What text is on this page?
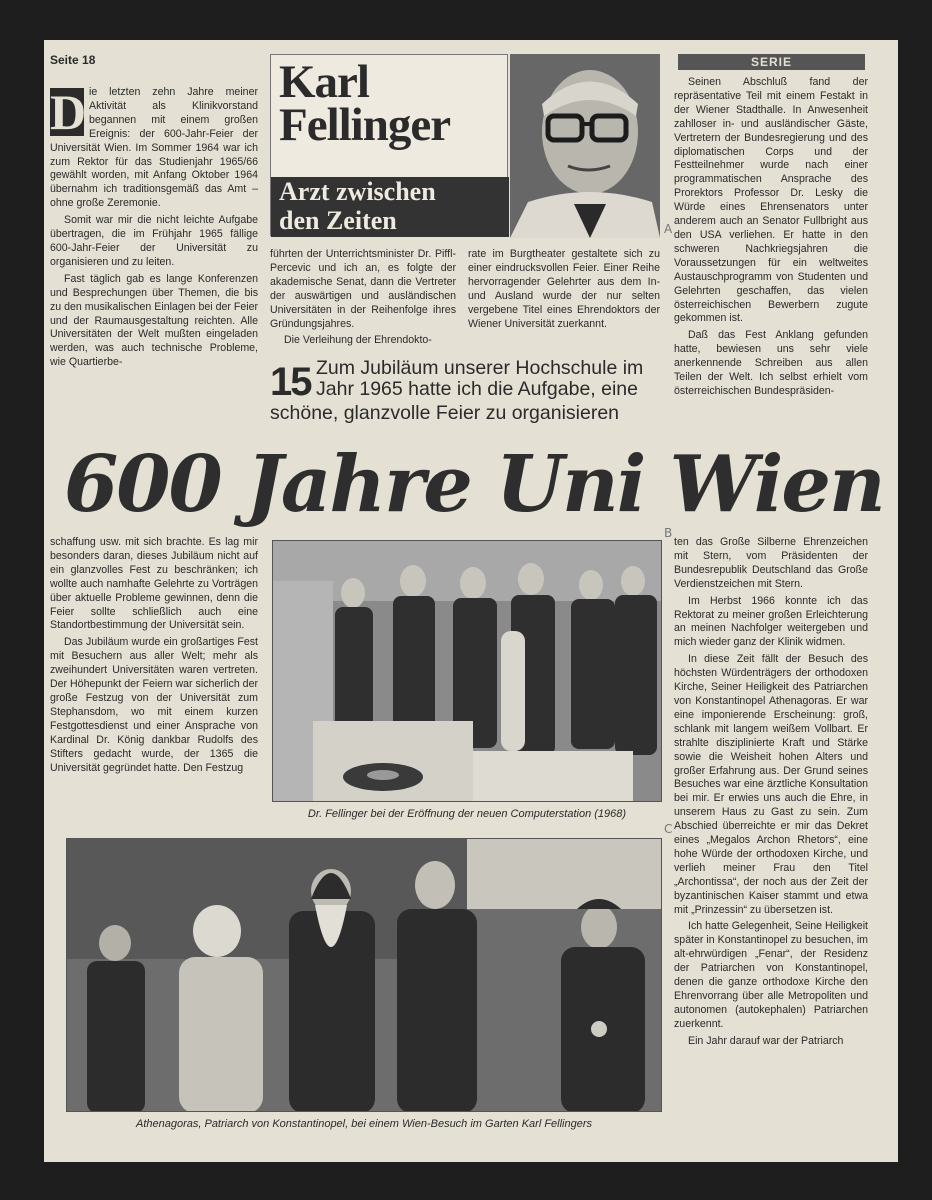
Seite 18	SERIE

D ie letzten zehn Jahre meiner Aktivität als Klinikvorstand begannen mit einem großen Ereignis: der 600-Jahr-Feier der Universität Wien. Im Sommer 1964 war ich zum Rektor für das Studienjahr 1965/66 gewählt worden, mit Anfang Oktober 1964 übernahm ich traditionsgemäß das Amt – ohne große Zeremonie.

Somit war mir die nicht leichte Aufgabe übertragen, die im Frühjahr 1965 fällige 600-Jahr-Feier der Universität zu organisieren und zu leiten.

Fast täglich gab es lange Konferenzen und Besprechungen über Themen, die bis zu den musikalischen Einlagen bei der Feier und der Raumausgestaltung reichten. Alle Universitäten der Welt mußten eingeladen werden, was auch technische Probleme, wie Quartierbe-

Karl
Fellinger
Arzt zwischen
den Zeiten	A

führten der Unterrichtsminister Dr. Piffl-Percevic und ich an, es folgte der akademische Senat, dann die Vertreter der auswärtigen und ausländischen Universitäten in der Reihenfolge ihres Gründungsjahres.

Die Verleihung der Ehrendokto-

rate im Burgtheater gestaltete sich zu einer eindrucksvollen Feier. Einer Reihe hervorragender Gelehrter aus dem In- und Ausland wurde der nur selten vergebene Titel eines Ehrendoktors der Wiener Universität zuerkannt.

Seinen Abschluß fand der repräsentative Teil mit einem Festakt in der Wiener Stadthalle. In Anwesenheit zahlloser in- und ausländischer Gäste, Vertretern der Bundesregierung und des diplomatischen Corps und der Festteilnehmer wurde nach einer programmatischen Ansprache des Prorektors Professor Dr. Lesky die Würde eines Ehrensenators unter anderem auch an Senator Fullbright aus den USA verliehen. Er hatte in den schweren Nachkriegsjahren die Voraussetzungen für ein weltweites Austauschprogramm von Studenten und Gelehrten geschaffen, das vielen österreichischen Bewerbern zugute gekommen ist.

Daß das Fest Anklang gefunden hatte, bewiesen uns sehr viele anerkennende Schreiben aus allen Teilen der Welt. Ich selbst erhielt vom österreichischen Bundespräsiden-

15 Zum Jubiläum unserer Hochschule im Jahr 1965 hatte ich die Aufgabe, eine
schöne, glanzvolle Feier zu organisieren
600 Jahre Uni Wien

schaffung usw. mit sich brachte. Es lag mir besonders daran, dieses Jubiläum nicht auf ein glanzvolles Fest zu beschränken; ich wollte auch namhafte Gelehrte zu Vorträgen über aktuelle Probleme gewinnen, denn die Feier sollte schließlich auch eine Standortbestimmung der Universität sein.

Das Jubiläum wurde ein großartiges Fest mit Besuchern aus aller Welt; mehr als zweihundert Universitäten waren vertreten. Der Höhepunkt der Feiern war sicherlich der große Festzug von der Universität zum Stephansdom, wo mit einem kurzen Festgottesdienst und einer Ansprache von Kardinal Dr. König dankbar Rudolfs des Stifters gedacht wurde, der 1365 die Universität gegründet hatte. Den Festzug

Dr. Fellinger bei der Eröffnung der neuen Computerstation (1968)
B
C

ten das Große Silberne Ehrenzeichen mit Stern, vom Präsidenten der Bundesrepublik Deutschland das Große Verdienstzeichen mit Stern.

Im Herbst 1966 konnte ich das Rektorat zu meiner großen Erleichterung an meinen Nachfolger weitergeben und mich wieder ganz der Klinik widmen.

In diese Zeit fällt der Besuch des höchsten Würdenträgers der orthodoxen Kirche, Seiner Heiligkeit des Patriarchen von Konstantinopel Athenagoras. Er war eine imponierende Erscheinung: groß, schlank mit langem weißem Vollbart. Er strahlte disziplinierte Kraft und Stärke sowie die Weisheit hohen Alters und großer Erfahrung aus. Der Grund seines Besuches war eine ärztliche Konsultation bei mir. Er erwies uns auch die Ehre, in unserem Haus zu Gast zu sein. Zum Abschied überreichte er mir das Dekret eines „Megalos Archon Rhetors“, eine hohe Würde der orthodoxen Kirche, und verlieh meiner Frau den Titel „Archontissa“, der noch aus der Zeit der byzantinischen Kaiser stammt und etwa mit „Prinzessin“ zu übersetzen ist.

Ich hatte Gelegenheit, Seine Heiligkeit später in Konstantinopel zu besuchen, im alt-ehrwürdigen „Fenar“, der Residenz der Patriarchen von Konstantinopel, denen die ganze orthodoxe Kirche den Ehrenvorrang über alle Metropoliten und autonomen (autokephalen) Patriarchen zuerkennt.

Ein Jahr darauf war der Patriarch

Athenagoras, Patriarch von Konstantinopel, bei einem Wien-Besuch im Garten Karl Fellingers
